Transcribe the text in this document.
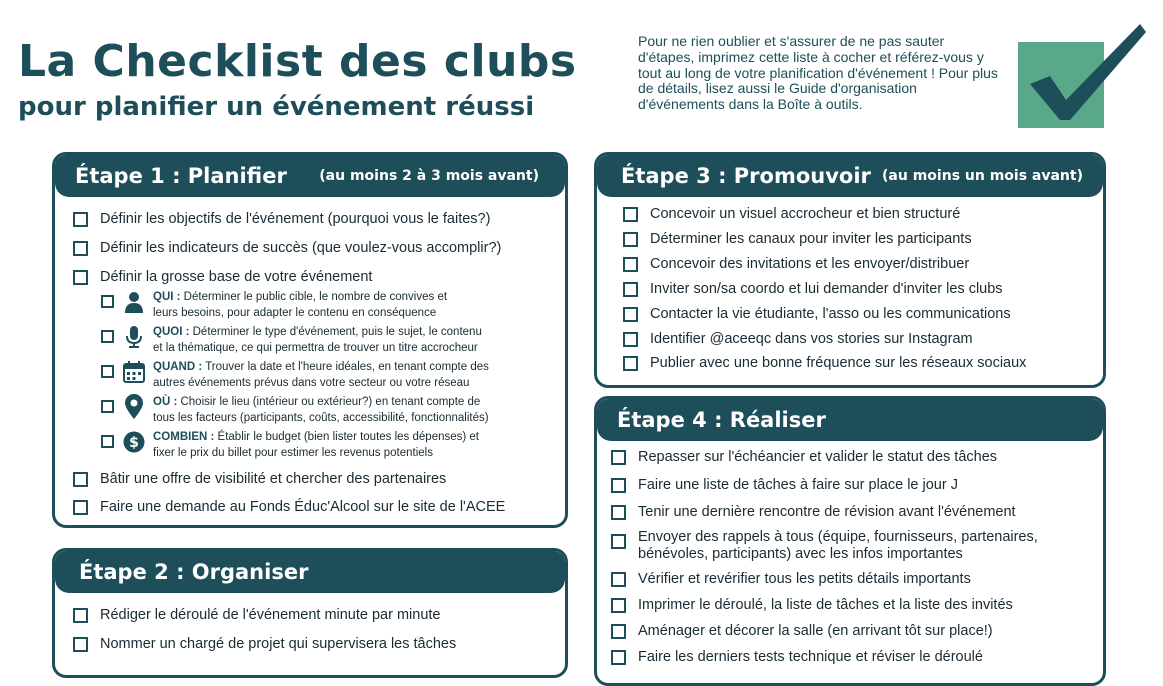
La Checklist des clubs
pour planifier un événement réussi

Pour ne rien oublier et s'assurer de ne pas sauter d'étapes, imprimez cette liste à cocher et référez-vous y tout au long de votre planification d'événement ! Pour plus de détails, lisez aussi le Guide d'organisation d'événements dans la Boîte à outils.

Étape 1 : Planifier (au moins 2 à 3 mois avant)
Définir les objectifs de l'événement (pourquoi vous le faites?)
Définir les indicateurs de succès (que voulez-vous accomplir?)
Définir la grosse base de votre événement
QUI : Déterminer le public cible, le nombre de convives et
leurs besoins, pour adapter le contenu en conséquence
QUOI : Déterminer le type d'événement, puis le sujet, le contenu
et la thématique, ce qui permettra de trouver un titre accrocheur
QUAND : Trouver la date et l'heure idéales, en tenant compte des
autres événements prévus dans votre secteur ou votre réseau
OÙ : Choisir le lieu (intérieur ou extérieur?) en tenant compte de
tous les facteurs (participants, coûts, accessibilité, fonctionnalités)
$ COMBIEN : Établir le budget (bien lister toutes les dépenses) et
fixer le prix du billet pour estimer les revenus potentiels
Bâtir une offre de visibilité et chercher des partenaires
Faire une demande au Fonds Éduc'Alcool sur le site de l'ACEE
Étape 2 : Organiser
Rédiger le déroulé de l'événement minute par minute
Nommer un chargé de projet qui supervisera les tâches
Étape 3 : Promouvoir (au moins un mois avant)
Concevoir un visuel accrocheur et bien structuré
Déterminer les canaux pour inviter les participants
Concevoir des invitations et les envoyer/distribuer
Inviter son/sa coordo et lui demander d'inviter les clubs
Contacter la vie étudiante, l'asso ou les communications
Identifier @aceeqc dans vos stories sur Instagram
Publier avec une bonne fréquence sur les réseaux sociaux
Étape 4 : Réaliser
Repasser sur l'échéancier et valider le statut des tâches
Faire une liste de tâches à faire sur place le jour J
Tenir une dernière rencontre de révision avant l'événement
Envoyer des rappels à tous (équipe, fournisseurs, partenaires,
bénévoles, participants) avec les infos importantes
Vérifier et revérifier tous les petits détails importants
Imprimer le déroulé, la liste de tâches et la liste des invités
Aménager et décorer la salle (en arrivant tôt sur place!)
Faire les derniers tests technique et réviser le déroulé
